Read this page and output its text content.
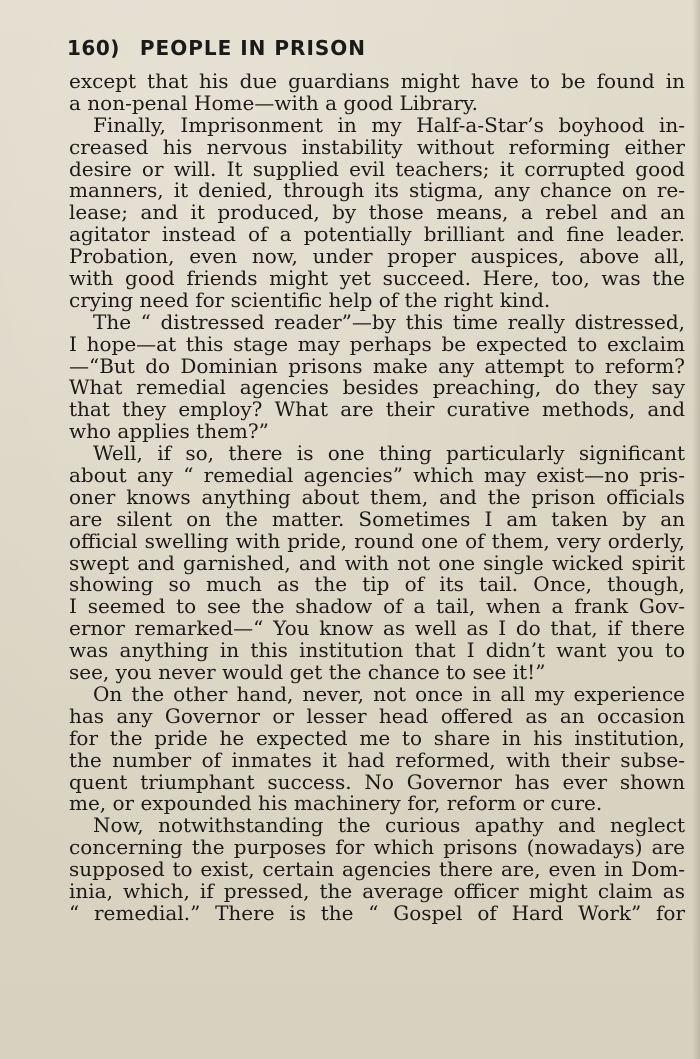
160) PEOPLE IN PRISON
except that his due guardians might have to be found in
a non-penal Home—with a good Library.
Finally, Imprisonment in my Half-a-Star’s boyhood in-
creased his nervous instability without reforming either
desire or will. It supplied evil teachers; it corrupted good
manners, it denied, through its stigma, any chance on re-
lease; and it produced, by those means, a rebel and an
agitator instead of a potentially brilliant and fine leader.
Probation, even now, under proper auspices, above all,
with good friends might yet succeed. Here, too, was the
crying need for scientific help of the right kind.
The “ distressed reader”—by this time really distressed,
I hope—at this stage may perhaps be expected to exclaim
—“But do Dominian prisons make any attempt to reform?
What remedial agencies besides preaching, do they say
that they employ? What are their curative methods, and
who applies them?”
Well, if so, there is one thing particularly significant
about any “ remedial agencies” which may exist—no pris-
oner knows anything about them, and the prison officials
are silent on the matter. Sometimes I am taken by an
official swelling with pride, round one of them, very orderly,
swept and garnished, and with not one single wicked spirit
showing so much as the tip of its tail. Once, though,
I seemed to see the shadow of a tail, when a frank Gov-
ernor remarked—“ You know as well as I do that, if there
was anything in this institution that I didn’t want you to
see, you never would get the chance to see it!”
On the other hand, never, not once in all my experience
has any Governor or lesser head offered as an occasion
for the pride he expected me to share in his institution,
the number of inmates it had reformed, with their subse-
quent triumphant success. No Governor has ever shown
me, or expounded his machinery for, reform or cure.
Now, notwithstanding the curious apathy and neglect
concerning the purposes for which prisons (nowadays) are
supposed to exist, certain agencies there are, even in Dom-
inia, which, if pressed, the average officer might claim as
“ remedial.” There is the “ Gospel of Hard Work” for
